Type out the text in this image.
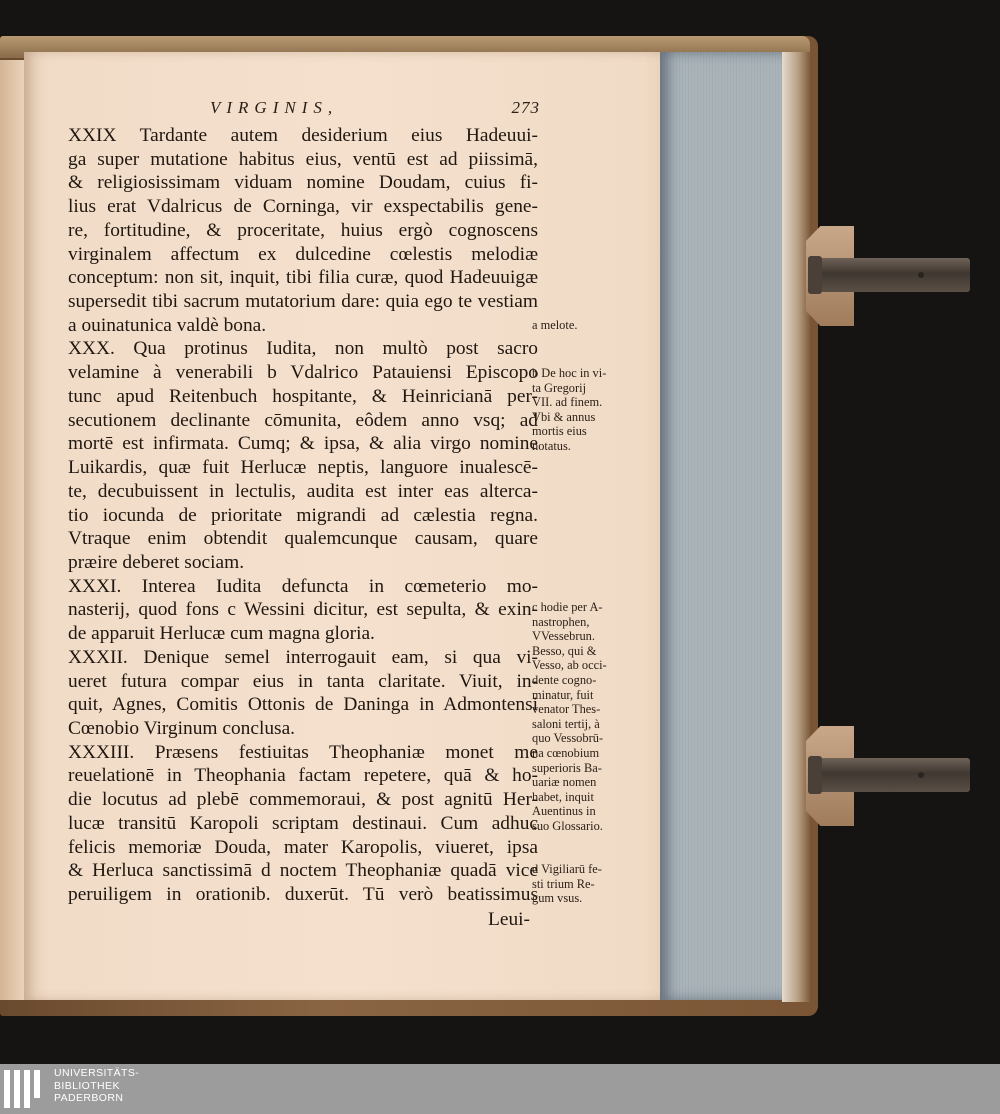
VIRGINIS,	273
XXIX Tardante autem desiderium eius Hadeuui-
ga super mutatione habitus eius, ventū est ad piissimā,
& religiosissimam viduam nomine Doudam, cuius fi-
lius erat Vdalricus de Corninga, vir exspectabilis gene-
re, fortitudine, & proceritate, huius ergò cognoscens
virginalem affectum ex dulcedine cœlestis melodiæ
conceptum: non sit, inquit, tibi filia curæ, quod Hadeuuigæ
supersedit tibi sacrum mutatorium dare: quia ego te vestiam
a ouinatunica valdè bona.
XXX. Qua protinus Iudita, non multò post sacro
velamine à venerabili b Vdalrico Patauiensi Episcopo
tunc apud Reitenbuch hospitante, & Heinricianā per-
secutionem declinante cōmunita, eôdem anno vsq; ad
mortē est infirmata. Cumq; & ipsa, & alia virgo nomine
Luikardis, quæ fuit Herlucæ neptis, languore inualescē-
te, decubuissent in lectulis, audita est inter eas alterca-
tio iocunda de prioritate migrandi ad cælestia regna.
Vtraque enim obtendit qualemcunque causam, quare
præire deberet sociam.
XXXI. Interea Iudita defuncta in cœmeterio mo-
nasterij, quod fons c Wessini dicitur, est sepulta, & exin-
de apparuit Herlucæ cum magna gloria.
XXXII. Denique semel interrogauit eam, si qua vi-
ueret futura compar eius in tanta claritate. Viuit, in-
quit, Agnes, Comitis Ottonis de Daninga in Admontensi
Cœnobio Virginum conclusa.
XXXIII. Præsens festiuitas Theophaniæ monet me
reuelationē in Theophania factam repetere, quā & ho-
die locutus ad plebē commemoraui, & post agnitū Her-
lucæ transitū Karopoli scriptam destinaui. Cum adhuc
felicis memoriæ Douda, mater Karopolis, viueret, ipsa
& Herluca sanctissimā d noctem Theophaniæ quadā vice
peruiligem in orationib. duxerūt. Tū verò beatissimus
Leui-
a melote.
b De hoc in vi-
ta Gregorij
VII. ad finem.
Vbi & annus
mortis eius
notatus.
c hodie per A-
nastrophen,
VVessebrun.
Besso, qui &
Vesso, ab occi-
dente cogno-
minatur, fuit
venator Thes-
saloni tertij, à
quo Vessobrū-
na cœnobium
superioris Ba-
uariæ nomen
habet, inquit
Auentinus in
suo Glossario.
d Vigiliarū fe-
sti trium Re-
gum vsus.
UNIVERSITÄTS-
BIBLIOTHEK
PADERBORN
